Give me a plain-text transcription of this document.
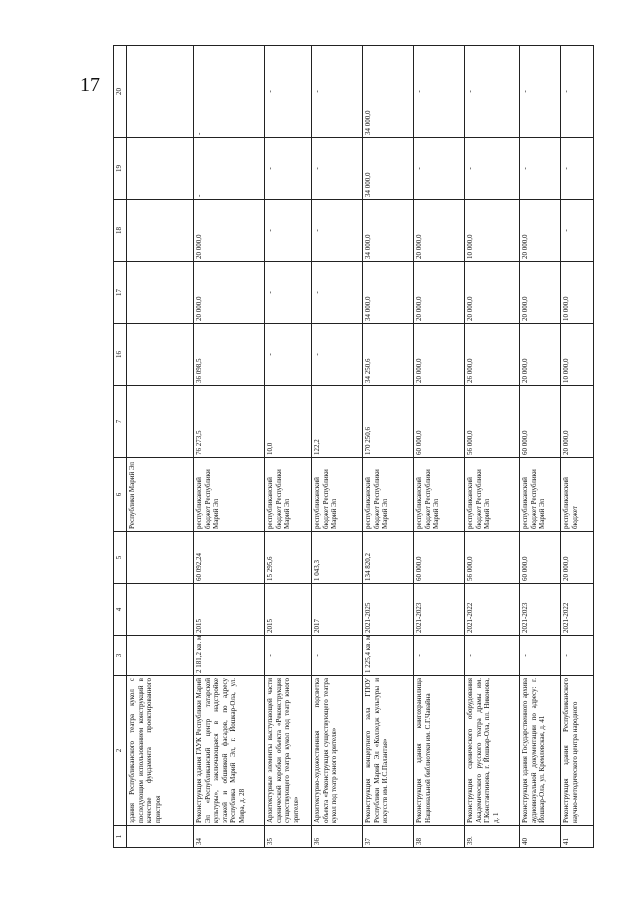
17
1	2	3	4	5	6	7	16	17	18	19	20
	здания Республиканского театра кукол с последующим использованием конструкций в качестве фундамента проектированного пристроя				Республики Марий Эл						
34	Реконструкция здания ГАУК Республики Марий Эл «Республиканский центр татарской культуры», заключающаяся в надстройке этажей и обшивкой фасадов, по адресу Республика Марий Эл, г. Йошкар-Ола, ул. Мира, д. 28	2 181,2 кв. м	2015	60 092,24	республиканский бюджет Республики Марий Эл	76 273,5	36 098,5	20 000,0	20 000,0	-	-
35	Архитектурные элементы выступающей части сценической коробки объекта «Реконструкция существующего театра кукол под театр юного зрителя»	-	2015	15 295,6	республиканский бюджет Республики Марий Эл	10,0	-	-	-	-	-
36	Архитектурно-художественная подсветка объекта «Реконструкция существующего театра кукол под театр юного зрителя»	-	2017	1 043,3	республиканский бюджет Республики Марий Эл	122,2	-	-	-	-	-
37	Реконструкция концертного зала ГПОУ Республики Марий Эл «Колледж культуры и искусств им. И.С.Палантая»	1 225,4 кв. м	2021-2025	134 820,2	республиканский бюджет Республики Марий Эл	170 250,6	34 250,6	34 000,0	34 000,0	34 000,0	34 000,0
38	Реконструкция здания книгохранилища Национальной библиотеки им. С.Г.Чавайна	-	2021-2023	60 000,0	республиканский бюджет Республики Марий Эл	60 000,0	20 000,0	20 000,0	20 000,0	-	-
39.	Реконструкция сценического оборудования Академического русского театра драмы им. Г.Константинова, г. Йошкар-Ола, пл. Никонова, д. 1	-	2021-2022	56 000,0	республиканский бюджет Республики Марий Эл	56 000,0	26 000,0	20 000,0	10 000,0	-	-
40	Реконструкция здания Государственного архива аудиовизуальной документации по адресу: г. Йошкар-Ола, ул. Кремлевская, д. 41	-	2021-2023	60 000,0	республиканский бюджет Республики Марий Эл	60 000,0	20 000,0	20 000,0	20 000,0	-	-
41	Реконструкция здания Республиканского научно-методического центра народного	-	2021-2022	20 000,0	республиканский бюджет	20 000,0	10 000,0	10 000,0	-	-	-
